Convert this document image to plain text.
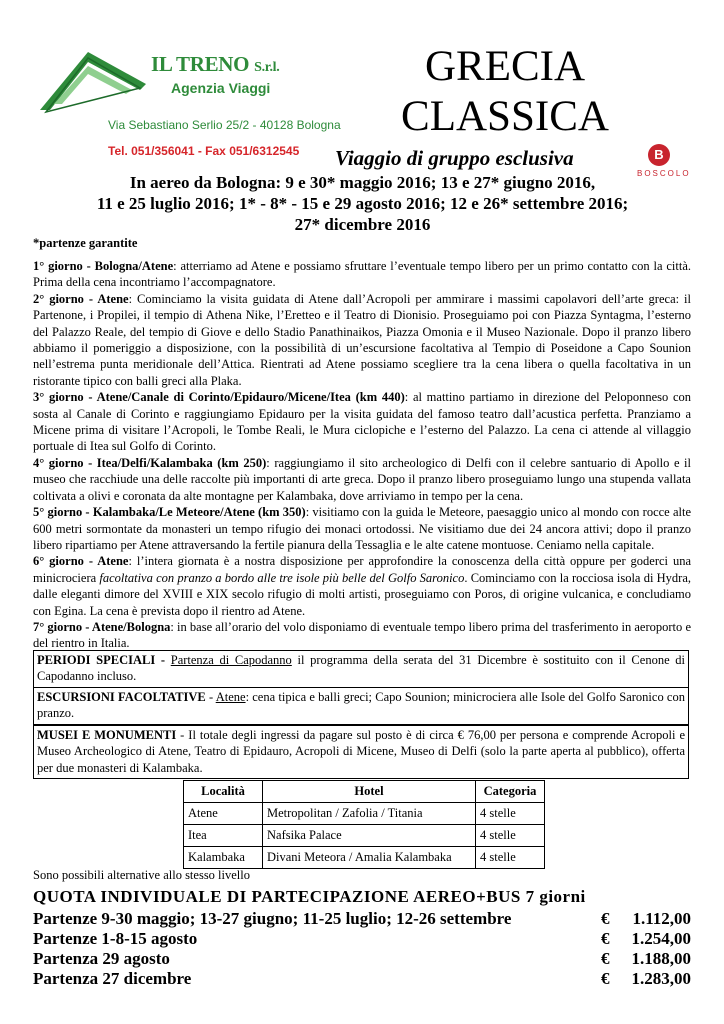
IL TRENO S.r.l.
Agenzia Viaggi
Via Sebastiano Serlio 25/2 - 40128 Bologna
Tel. 051/356041 - Fax 051/6312545
GRECIA
CLASSICA
Viaggio di gruppo esclusiva	B
BOSCOLO
In aereo da Bologna: 9 e 30* maggio 2016; 13 e 27* giugno 2016,
11 e 25 luglio 2016; 1* - 8* - 15 e 29 agosto 2016; 12 e 26* settembre 2016;
27* dicembre 2016
*partenze garantite

1° giorno - Bologna/Atene: atterriamo ad Atene e possiamo sfruttare l’eventuale tempo libero per un primo contatto con la città. Prima della cena incontriamo l’accompagnatore.

2° giorno - Atene: Cominciamo la visita guidata di Atene dall’Acropoli per ammirare i massimi capolavori dell’arte greca: il Partenone, i Propilei, il tempio di Athena Nike, l’Eretteo e il Teatro di Dionisio. Proseguiamo poi con Piazza Syntagma, l’esterno del Palazzo Reale, del tempio di Giove e dello Stadio Panathinaikos, Piazza Omonia e il Museo Nazionale. Dopo il pranzo libero abbiamo il pomeriggio a disposizione, con la possibilità di un’escursione facoltativa al Tempio di Poseidone a Capo Sounion nell’estrema punta meridionale dell’Attica. Rientrati ad Atene possiamo scegliere tra la cena libera o quella facoltativa in un ristorante tipico con balli greci alla Plaka.

3° giorno - Atene/Canale di Corinto/Epidauro/Micene/Itea (km 440): al mattino partiamo in direzione del Peloponneso con sosta al Canale di Corinto e raggiungiamo Epidauro per la visita guidata del famoso teatro dall’acustica perfetta. Pranziamo a Micene prima di visitare l’Acropoli, le Tombe Reali, le Mura ciclopiche e l’esterno del Palazzo. La cena ci attende al villaggio portuale di Itea sul Golfo di Corinto.

4° giorno - Itea/Delfi/Kalambaka (km 250): raggiungiamo il sito archeologico di Delfi con il celebre santuario di Apollo e il museo che racchiude una delle raccolte più importanti di arte greca. Dopo il pranzo libero proseguiamo lungo una stupenda vallata coltivata a olivi e coronata da alte montagne per Kalambaka, dove arriviamo in tempo per la cena.

5° giorno - Kalambaka/Le Meteore/Atene (km 350): visitiamo con la guida le Meteore, paesaggio unico al mondo con rocce alte 600 metri sormontate da monasteri un tempo rifugio dei monaci ortodossi. Ne visitiamo due dei 24 ancora attivi; dopo il pranzo libero ripartiamo per Atene attraversando la fertile pianura della Tessaglia e le alte catene montuose. Ceniamo nella capitale.

6° giorno - Atene: l’intera giornata è a nostra disposizione per approfondire la conoscenza della città oppure per goderci una minicrociera facoltativa con pranzo a bordo alle tre isole più belle del Golfo Saronico. Cominciamo con la rocciosa isola di Hydra, dalle eleganti dimore del XVIII e XIX secolo rifugio di molti artisti, proseguiamo con Poros, di origine vulcanica, e concludiamo con Egina. La cena è prevista dopo il rientro ad Atene.

7° giorno - Atene/Bologna: in base all’orario del volo disponiamo di eventuale tempo libero prima del trasferimento in aeroporto e del rientro in Italia.

PERIODI SPECIALI - Partenza di Capodanno il programma della serata del 31 Dicembre è sostituito con il Cenone di Capodanno incluso.
ESCURSIONI FACOLTATIVE - Atene: cena tipica e balli greci; Capo Sounion; minicrociera alle Isole del Golfo Saronico con pranzo.
MUSEI E MONUMENTI - Il totale degli ingressi da pagare sul posto è di circa € 76,00 per persona e comprende Acropoli e Museo Archeologico di Atene, Teatro di Epidauro, Acropoli di Micene, Museo di Delfi (solo la parte aperta al pubblico), offerta per due monasteri di Kalambaka.
Località	Hotel	Categoria
Atene	Metropolitan / Zafolia / Titania	4 stelle
Itea	Nafsika Palace	4 stelle
Kalambaka	Divani Meteora / Amalia Kalambaka	4 stelle
Sono possibili alternative allo stesso livello
QUOTA INDIVIDUALE DI PARTECIPAZIONE AEREO+BUS 7 giorni
Partenze 9-30 maggio; 13-27 giugno; 11-25 luglio; 12-26 settembre	€ 1.112,00
Partenze 1-8-15 agosto	€ 1.254,00
Partenza 29 agosto	€ 1.188,00
Partenza 27 dicembre	€ 1.283,00
